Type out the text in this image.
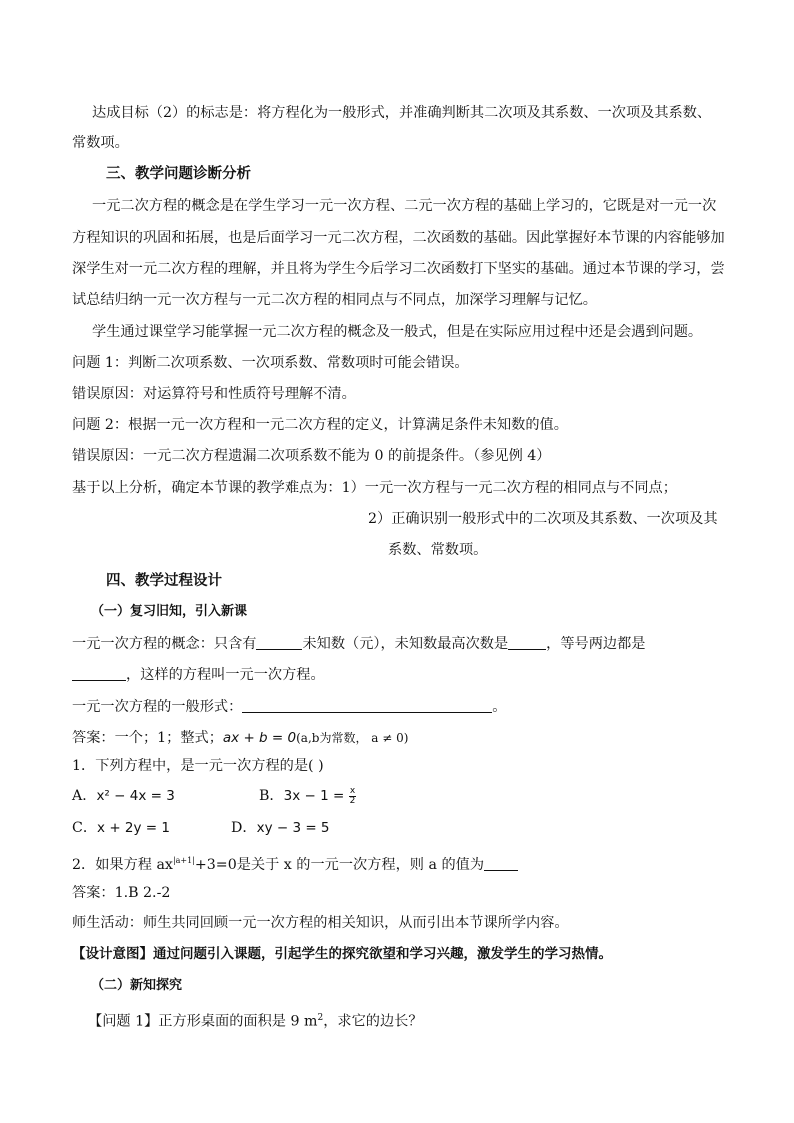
达成目标（2）的标志是：将方程化为一般形式，并准确判断其二次项及其系数、一次项及其系数、
常数项。
三、教学问题诊断分析
一元二次方程的概念是在学生学习一元一次方程、二元一次方程的基础上学习的，它既是对一元一次
方程知识的巩固和拓展，也是后面学习一元二次方程，二次函数的基础。因此掌握好本节课的内容能够加
深学生对一元二次方程的理解，并且将为学生今后学习二次函数打下坚实的基础。通过本节课的学习，尝
试总结归纳一元一次方程与一元二次方程的相同点与不同点，加深学习理解与记忆。
学生通过课堂学习能掌握一元二次方程的概念及一般式，但是在实际应用过程中还是会遇到问题。
问题 1：判断二次项系数、一次项系数、常数项时可能会错误。
错误原因：对运算符号和性质符号理解不清。
问题 2：根据一元一次方程和一元二次方程的定义，计算满足条件未知数的值。
错误原因：一元二次方程遗漏二次项系数不能为 0 的前提条件。（参见例 4）
基于以上分析，确定本节课的教学难点为：1）一元一次方程与一元二次方程的相同点与不同点；
2）正确识别一般形式中的二次项及其系数、一次项及其
系数、常数项。
四、教学过程设计
（一）复习旧知，引入新课
一元一次方程的概念：只含有	未知数（元），未知数最高次数是	，等号两边都是
，这样的方程叫一元一次方程。
一元一次方程的一般形式：	。
答案：一个；1；整式；ax + b = 0(a,b为常数， a ≠ 0)
1．下列方程中，是一元一次方程的是( )
A．x² − 4x = 3	B．$3x - 1 = \frac{x}{2}$
C．x + 2y = 1	D．xy − 3 = 5
2．如果方程 $ax^{|a+1|}+3=0$是关于 x 的一元一次方程，则 a 的值为
答案：1.B 2.-2
师生活动：师生共同回顾一元一次方程的相关知识，从而引出本节课所学内容。
【设计意图】通过问题引入课题，引起学生的探究欲望和学习兴趣，激发学生的学习热情。
（二）新知探究
【问题 1】正方形桌面的面积是 9 $m^2$，求它的边长？
